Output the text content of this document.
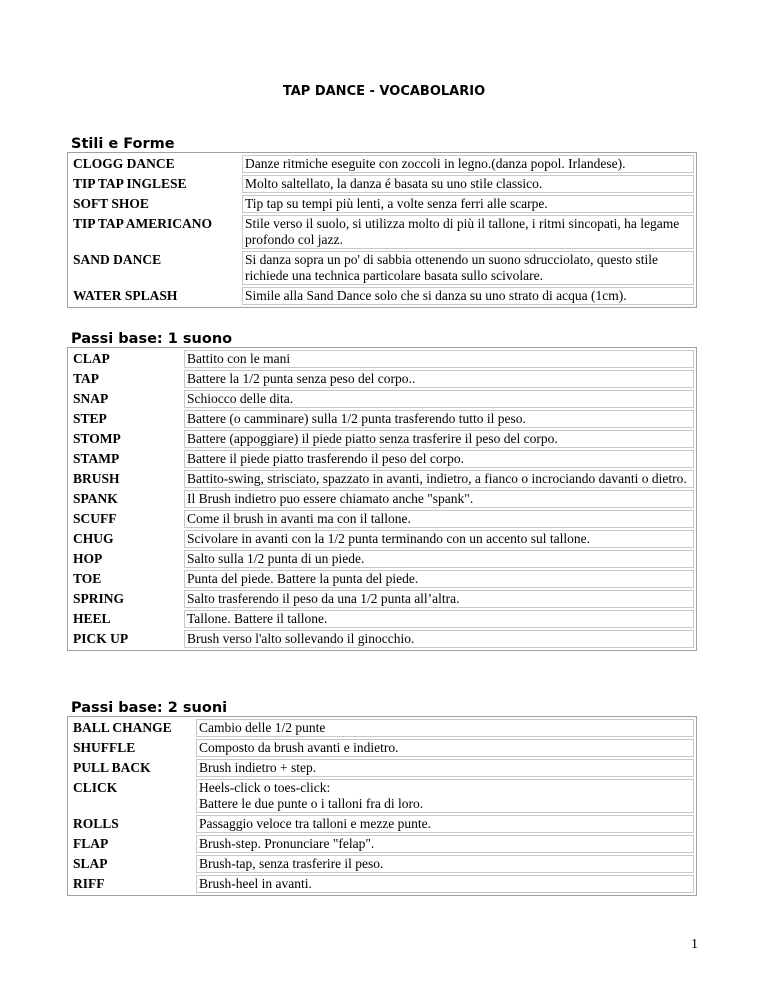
TAP DANCE - VOCABOLARIO
Stili e Forme
CLOGG DANCE	Danze ritmiche eseguite con zoccoli in legno.(danza popol. Irlandese).
TIP TAP INGLESE	Molto saltellato, la danza é basata su uno stile classico.
SOFT SHOE	Tip tap su tempi più lenti, a volte senza ferri alle scarpe.
TIP TAP AMERICANO	Stile verso il suolo, si utilizza molto di più il tallone, i ritmi sincopati, ha legame profondo col jazz.
SAND DANCE	Si danza sopra un po' di sabbia ottenendo un suono sdrucciolato, questo stile richiede una technica particolare basata sullo scivolare.
WATER SPLASH	Simile alla Sand Dance solo che si danza su uno strato di acqua (1cm).
Passi base: 1 suono
CLAP	Battito con le mani
TAP	Battere la 1/2 punta senza peso del corpo..
SNAP	Schiocco delle dita.
STEP	Battere (o camminare) sulla 1/2 punta trasferendo tutto il peso.
STOMP	Battere (appoggiare) il piede piatto senza trasferire il peso del corpo.
STAMP	Battere il piede piatto trasferendo il peso del corpo.
BRUSH	Battito-swing, strisciato, spazzato in avanti, indietro, a fianco o incrociando davanti o dietro.
SPANK	Il Brush indietro puo essere chiamato anche "spank".
SCUFF	Come il brush in avanti ma con il tallone.
CHUG	Scivolare in avanti con la 1/2 punta terminando con un accento sul tallone.
HOP	Salto sulla 1/2 punta di un piede.
TOE	Punta del piede. Battere la punta del piede.
SPRING	Salto trasferendo il peso da una 1/2 punta all’altra.
HEEL	Tallone. Battere il tallone.
PICK UP	Brush verso l'alto sollevando il ginocchio.
Passi base: 2 suoni
BALL CHANGE	Cambio delle 1/2 punte
SHUFFLE	Composto da brush avanti e indietro.
PULL BACK	Brush indietro + step.
CLICK	Heels-click o toes-click:
Battere le due punte o i talloni fra di loro.
ROLLS	Passaggio veloce tra talloni e mezze punte.
FLAP	Brush-step. Pronunciare "felap".
SLAP	Brush-tap, senza trasferire il peso.
RIFF	Brush-heel in avanti.
1
